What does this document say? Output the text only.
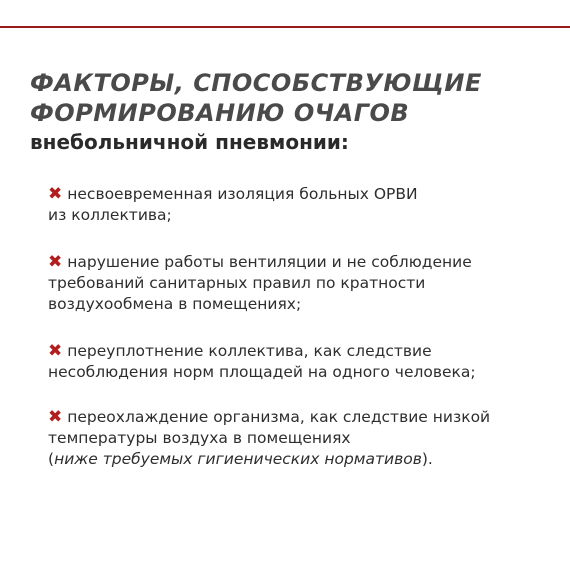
ФАКТОРЫ, СПОСОБСТВУЮЩИЕ
ФОРМИРОВАНИЮ ОЧАГОВ
внебольничной пневмонии:
✖ несвоевременная изоляция больных ОРВИ
из коллектива;
✖ нарушение работы вентиляции и не соблюдение
требований санитарных правил по кратности
воздухообмена в помещениях;
✖ переуплотнение коллектива, как следствие
несоблюдения норм площадей на одного человека;
✖ переохлаждение организма, как следствие низкой
температуры воздуха в помещениях
(ниже требуемых гигиенических нормативов).
